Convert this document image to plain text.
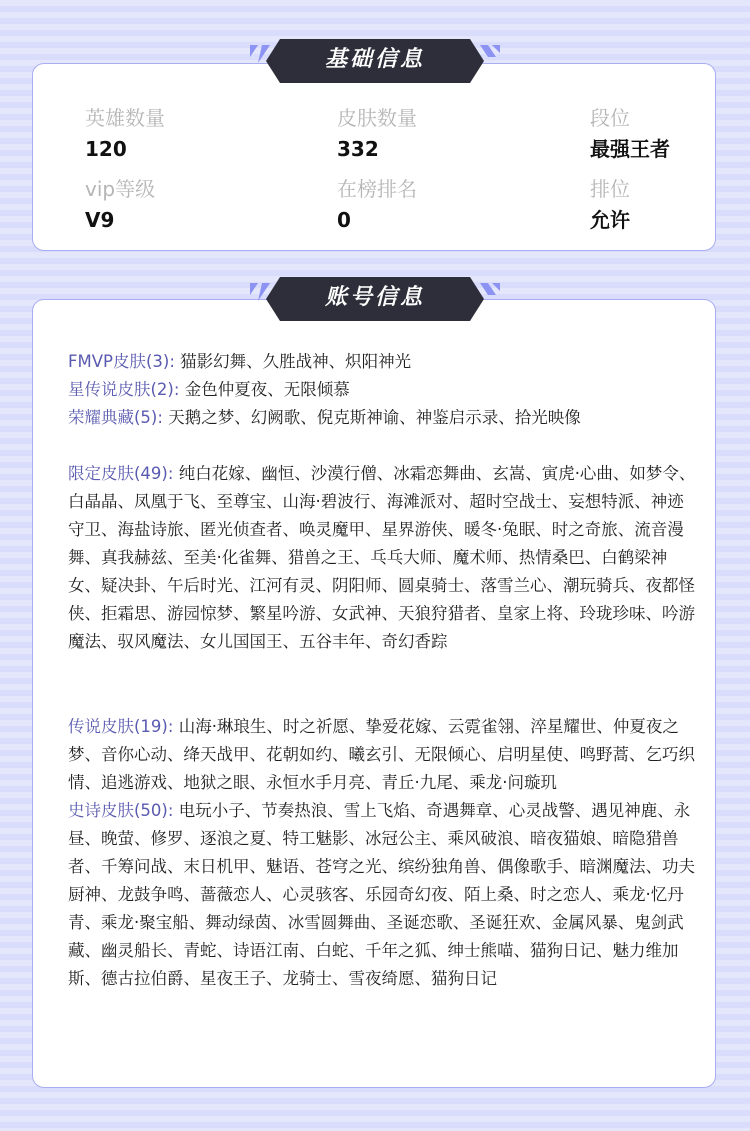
英雄数量
120
皮肤数量
332
段位
最强王者
vip等级
V9
在榜排名
0
排位
允许
基础信息

FMVP皮肤(3): 猫影幻舞、久胜战神、炽阳神光

星传说皮肤(2): 金色仲夏夜、无限倾慕

荣耀典藏(5): 天鹅之梦、幻阙歌、倪克斯神谕、神鉴启示录、拾光映像

限定皮肤(49): 纯白花嫁、幽恒、沙漠行僧、冰霜恋舞曲、玄嵩、寅虎·心曲、如梦令、白晶晶、凤凰于飞、至尊宝、山海·碧波行、海滩派对、超时空战士、妄想特派、神迹守卫、海盐诗旅、匿光侦查者、唤灵魔甲、星界游侠、暖冬·兔眠、时之奇旅、流音漫舞、真我赫兹、至美·化雀舞、猎兽之王、乓乓大师、魔术师、热情桑巴、白鹤梁神女、疑决卦、午后时光、江河有灵、阴阳师、圆桌骑士、落雪兰心、潮玩骑兵、夜都怪侠、拒霜思、游园惊梦、繁星吟游、女武神、天狼狩猎者、皇家上将、玲珑珍味、吟游魔法、驭风魔法、女儿国国王、五谷丰年、奇幻香踪

传说皮肤(19): 山海·琳琅生、时之祈愿、挚爱花嫁、云霓雀翎、淬星耀世、仲夏夜之梦、音你心动、绛天战甲、花朝如约、曦玄引、无限倾心、启明星使、鸣野蒿、乞巧织情、追逃游戏、地狱之眼、永恒水手月亮、青丘·九尾、乘龙·问璇玑

史诗皮肤(50): 电玩小子、节奏热浪、雪上飞焰、奇遇舞章、心灵战警、遇见神鹿、永昼、晚萤、修罗、逐浪之夏、特工魅影、冰冠公主、乘风破浪、暗夜猫娘、暗隐猎兽者、千筹问战、末日机甲、魅语、苍穹之光、缤纷独角兽、偶像歌手、暗渊魔法、功夫厨神、龙鼓争鸣、蔷薇恋人、心灵骇客、乐园奇幻夜、陌上桑、时之恋人、乘龙·忆丹青、乘龙·聚宝船、舞动绿茵、冰雪圆舞曲、圣诞恋歌、圣诞狂欢、金属风暴、鬼剑武藏、幽灵船长、青蛇、诗语江南、白蛇、千年之狐、绅士熊喵、猫狗日记、魅力维加斯、德古拉伯爵、星夜王子、龙骑士、雪夜绮愿、猫狗日记

账号信息
